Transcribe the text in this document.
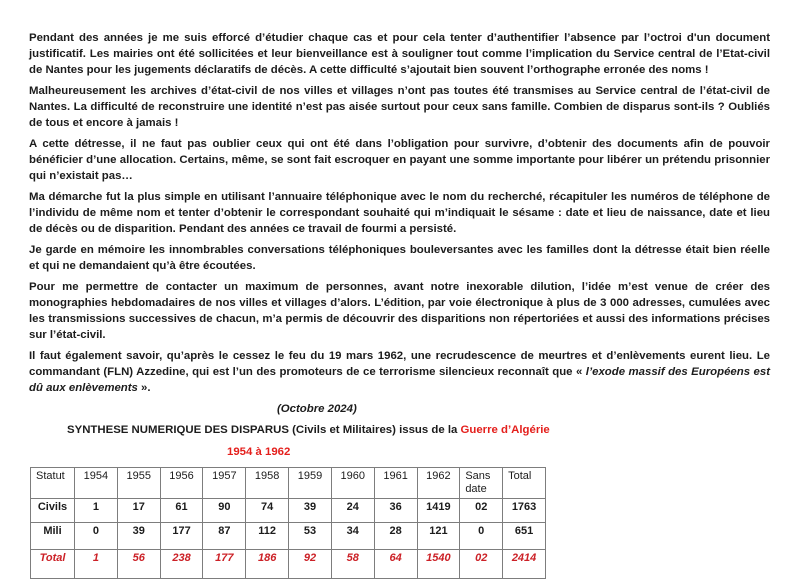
Pendant des années je me suis efforcé d’étudier chaque cas et pour cela tenter d’authentifier l’absence par l’octroi d'un document justificatif. Les mairies ont été sollicitées et leur bienveillance est à souligner tout comme l’implication du Service central de l’Etat-civil de Nantes pour les jugements déclaratifs de décès. A cette difficulté s’ajoutait bien souvent l’orthographe erronée des noms !

Malheureusement les archives d’état-civil de nos villes et villages n’ont pas toutes été transmises au Service central de l’état-civil de Nantes. La difficulté de reconstruire une identité n’est pas aisée surtout pour ceux sans famille. Combien de disparus sont-ils ? Oubliés de tous et encore à jamais !

A cette détresse, il ne faut pas oublier ceux qui ont été dans l’obligation pour survivre, d’obtenir des documents afin de pouvoir bénéficier d’une allocation. Certains, même, se sont fait escroquer en payant une somme importante pour libérer un prétendu prisonnier qui n’existait pas…

Ma démarche fut la plus simple en utilisant l’annuaire téléphonique avec le nom du recherché, récapituler les numéros de téléphone de l’individu de même nom et tenter d’obtenir le correspondant souhaité qui m’indiquait le sésame : date et lieu de naissance, date et lieu de décès ou de disparition. Pendant des années ce travail de fourmi a persisté.

Je garde en mémoire les innombrables conversations téléphoniques bouleversantes avec les familles dont la détresse était bien réelle et qui ne demandaient qu’à être écoutées.

Pour me permettre de contacter un maximum de personnes, avant notre inexorable dilution, l’idée m’est venue de créer des monographies hebdomadaires de nos villes et villages d’alors. L’édition, par voie électronique à plus de 3 000 adresses, cumulées avec les transmissions successives de chacun, m’a permis de découvrir des disparitions non répertoriées et aussi des informations précises sur l’état-civil.

Il faut également savoir, qu’après le cessez le feu du 19 mars 1962, une recrudescence de meurtres et d’enlèvements eurent lieu. Le commandant (FLN) Azzedine, qui est l’un des promoteurs de ce terrorisme silencieux reconnaît que « l’exode massif des Européens est dû aux enlèvements ».

(Octobre 2024)

SYNTHESE NUMERIQUE DES DISPARUS (Civils et Militaires) issus de la Guerre d’Algérie

1954 à 1962

Statut	1954	1955	1956	1957	1958	1959	1960	1961	1962	Sans date	Total
Civils	1	17	61	90	74	39	24	36	1419	02	1763
Mili	0	39	177	87	112	53	34	28	121	0	651
Total	1	56	238	177	186	92	58	64	1540	02	2414
